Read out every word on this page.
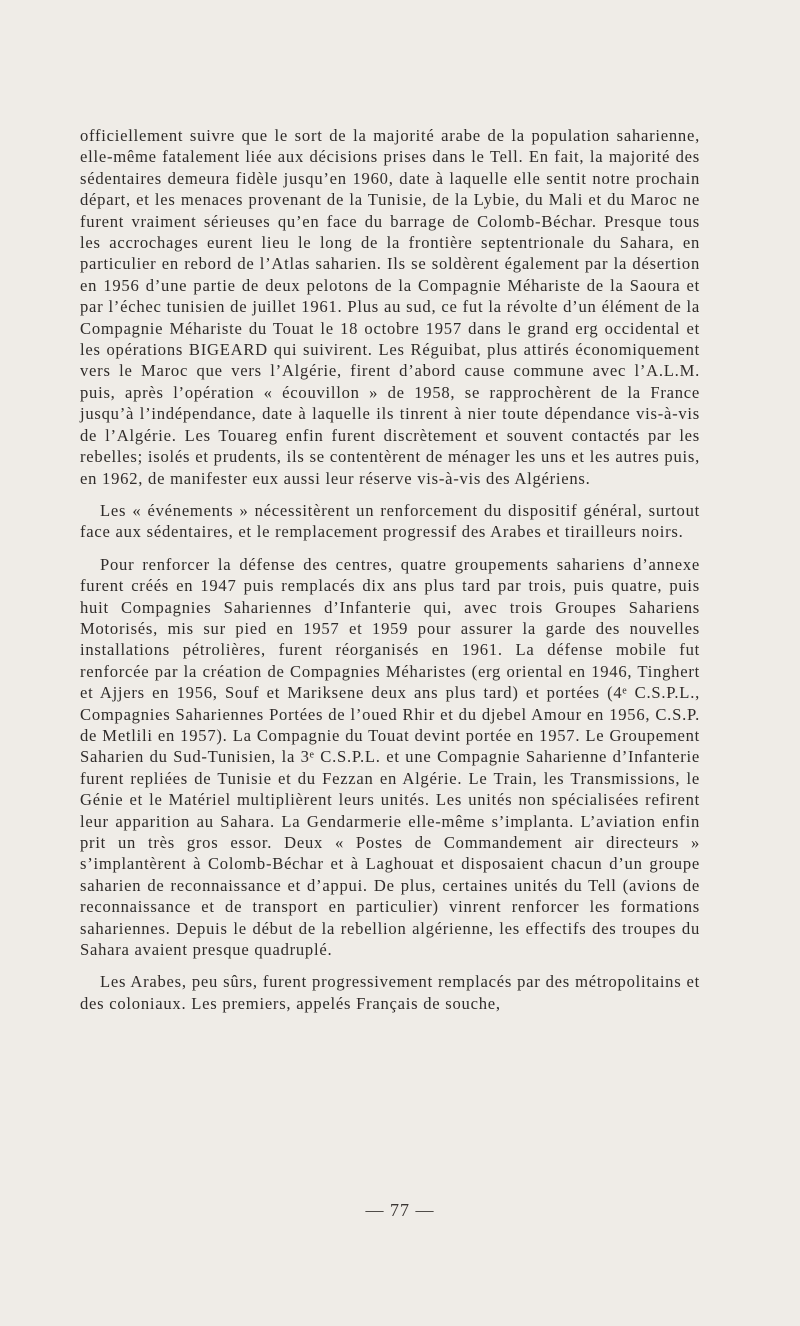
officiellement suivre que le sort de la majorité arabe de la population saharienne, elle-même fatalement liée aux décisions prises dans le Tell. En fait, la majorité des sédentaires demeura fidèle jusqu’en 1960, date à laquelle elle sentit notre prochain départ, et les menaces provenant de la Tunisie, de la Lybie, du Mali et du Maroc ne furent vraiment sérieuses qu’en face du barrage de Colomb-Béchar. Presque tous les accrochages eurent lieu le long de la frontière septentrionale du Sahara, en particulier en rebord de l’Atlas saharien. Ils se soldèrent également par la désertion en 1956 d’une partie de deux pelotons de la Compagnie Méhariste de la Saoura et par l’échec tunisien de juillet 1961. Plus au sud, ce fut la révolte d’un élément de la Compagnie Méhariste du Touat le 18 octobre 1957 dans le grand erg occidental et les opérations BIGEARD qui suivirent. Les Réguibat, plus attirés économiquement vers le Maroc que vers l’Algérie, firent d’abord cause commune avec l’A.L.M. puis, après l’opération « écouvillon » de 1958, se rapprochèrent de la France jusqu’à l’indépendance, date à laquelle ils tinrent à nier toute dépendance vis-à-vis de l’Algérie. Les Touareg enfin furent discrètement et souvent contactés par les rebelles; isolés et prudents, ils se contentèrent de ménager les uns et les autres puis, en 1962, de manifester eux aussi leur réserve vis-à-vis des Algériens.

Les « événements » nécessitèrent un renforcement du dispositif général, surtout face aux sédentaires, et le remplacement progressif des Arabes et tirailleurs noirs.

Pour renforcer la défense des centres, quatre groupements sahariens d’annexe furent créés en 1947 puis remplacés dix ans plus tard par trois, puis quatre, puis huit Compagnies Sahariennes d’Infanterie qui, avec trois Groupes Sahariens Motorisés, mis sur pied en 1957 et 1959 pour assurer la garde des nouvelles installations pétrolières, furent réorganisés en 1961. La défense mobile fut renforcée par la création de Compagnies Méharistes (erg oriental en 1946, Tinghert et Ajjers en 1956, Souf et Mariksene deux ans plus tard) et portées (4ᵉ C.S.P.L., Compagnies Sahariennes Portées de l’oued Rhir et du djebel Amour en 1956, C.S.P. de Metlili en 1957). La Compagnie du Touat devint portée en 1957. Le Groupement Saharien du Sud-Tunisien, la 3ᵉ C.S.P.L. et une Compagnie Saharienne d’Infanterie furent repliées de Tunisie et du Fezzan en Algérie. Le Train, les Transmissions, le Génie et le Matériel multiplièrent leurs unités. Les unités non spécialisées refirent leur apparition au Sahara. La Gendarmerie elle-même s’implanta. L’aviation enfin prit un très gros essor. Deux « Postes de Commandement air directeurs » s’implantèrent à Colomb-Béchar et à Laghouat et disposaient chacun d’un groupe saharien de reconnaissance et d’appui. De plus, certaines unités du Tell (avions de reconnaissance et de transport en particulier) vinrent renforcer les formations sahariennes. Depuis le début de la rebellion algérienne, les effectifs des troupes du Sahara avaient presque quadruplé.

Les Arabes, peu sûrs, furent progressivement remplacés par des métropolitains et des coloniaux. Les premiers, appelés Français de souche,

— 77 —
